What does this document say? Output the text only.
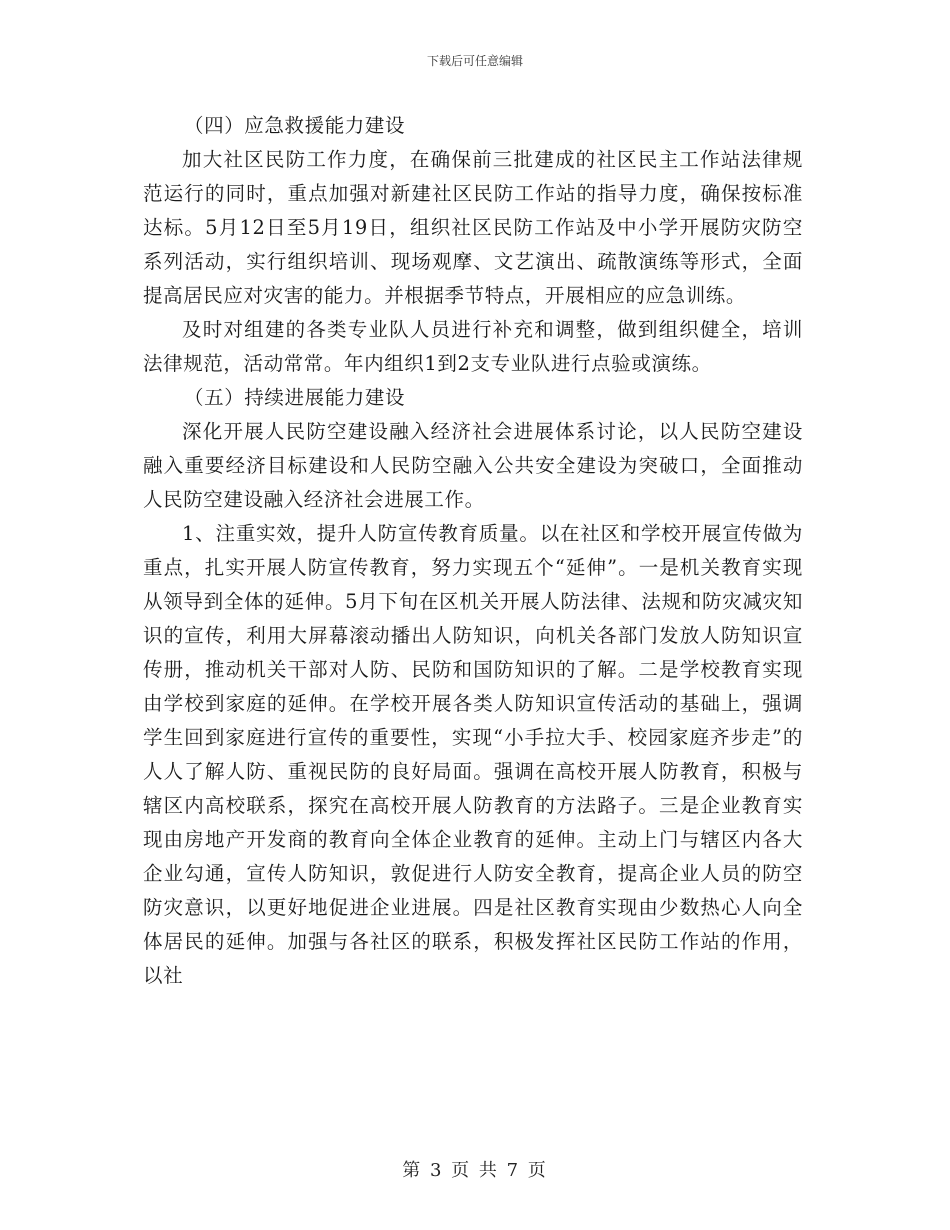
下载后可任意编辑

（四）应急救援能力建设

加大社区民防工作力度，在确保前三批建成的社区民主工作站法律规范运行的同时，重点加强对新建社区民防工作站的指导力度，确保按标准达标。5月12日至5月19日，组织社区民防工作站及中小学开展防灾防空系列活动，实行组织培训、现场观摩、文艺演出、疏散演练等形式，全面提高居民应对灾害的能力。并根据季节特点，开展相应的应急训练。

及时对组建的各类专业队人员进行补充和调整，做到组织健全，培训法律规范，活动常常。年内组织1到2支专业队进行点验或演练。

（五）持续进展能力建设

深化开展人民防空建设融入经济社会进展体系讨论，以人民防空建设融入重要经济目标建设和人民防空融入公共安全建设为突破口，全面推动人民防空建设融入经济社会进展工作。

1、注重实效，提升人防宣传教育质量。以在社区和学校开展宣传做为重点，扎实开展人防宣传教育，努力实现五个“延伸”。一是机关教育实现从领导到全体的延伸。5月下旬在区机关开展人防法律、法规和防灾减灾知识的宣传，利用大屏幕滚动播出人防知识，向机关各部门发放人防知识宣传册，推动机关干部对人防、民防和国防知识的了解。二是学校教育实现由学校到家庭的延伸。在学校开展各类人防知识宣传活动的基础上，强调学生回到家庭进行宣传的重要性，实现“小手拉大手、校园家庭齐步走”的人人了解人防、重视民防的良好局面。强调在高校开展人防教育，积极与辖区内高校联系，探究在高校开展人防教育的方法路子。三是企业教育实现由房地产开发商的教育向全体企业教育的延伸。主动上门与辖区内各大企业勾通，宣传人防知识，敦促进行人防安全教育，提高企业人员的防空防灾意识，以更好地促进企业进展。四是社区教育实现由少数热心人向全体居民的延伸。加强与各社区的联系，积极发挥社区民防工作站的作用，以社

第 3 页 共 7 页
